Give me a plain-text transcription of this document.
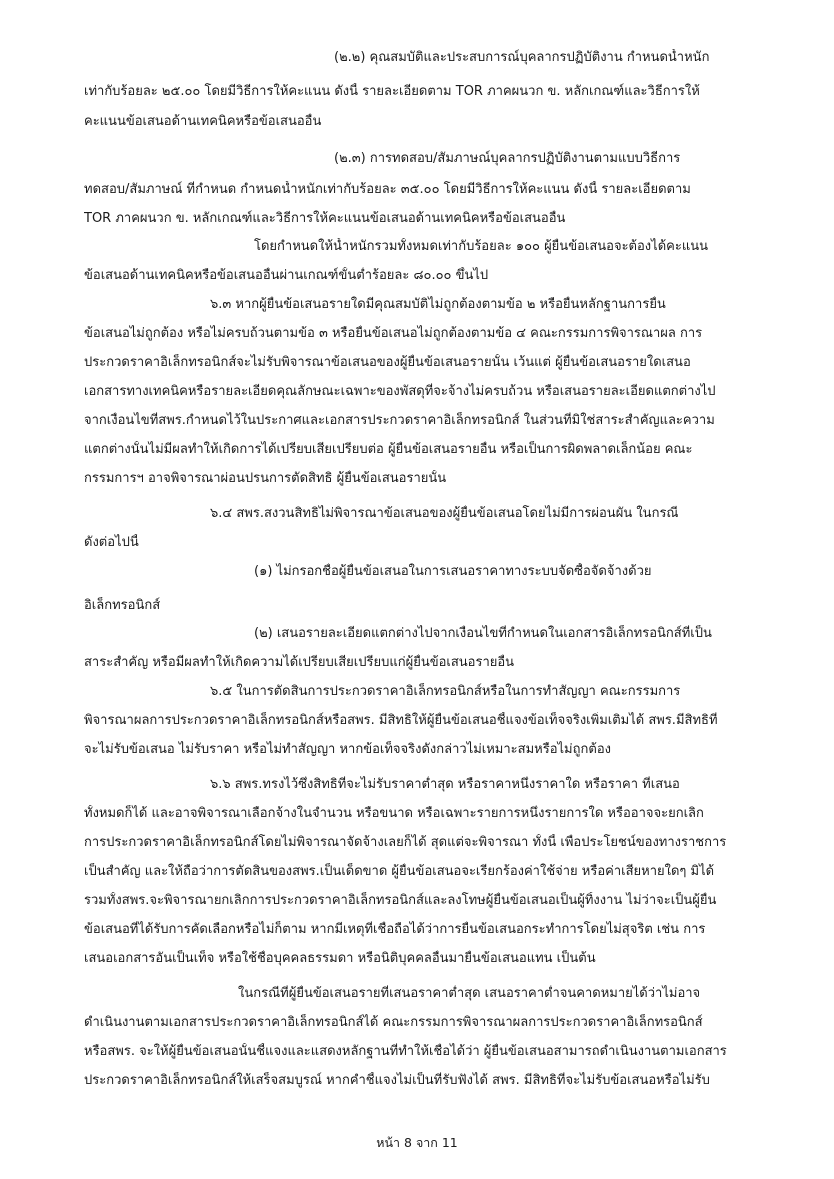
(๒.๒) คุณสมบัติและประสบการณ์บุคลากรปฏิบัติงาน กำหนดน้ำหนัก
เท่ากับร้อยละ ๒๕.๐๐ โดยมีวิธีการให้คะแนน ดังนี้ รายละเอียดตาม TOR ภาคผนวก ข. หลักเกณฑ์และวิธีการให้
คะแนนข้อเสนอด้านเทคนิคหรือข้อเสนออื่น
(๒.๓) การทดสอบ/สัมภาษณ์บุคลากรปฏิบัติงานตามแบบวิธีการ
ทดสอบ/สัมภาษณ์ ที่กำหนด กำหนดน้ำหนักเท่ากับร้อยละ ๓๕.๐๐ โดยมีวิธีการให้คะแนน ดังนี้ รายละเอียดตาม
TOR ภาคผนวก ข. หลักเกณฑ์และวิธีการให้คะแนนข้อเสนอด้านเทคนิคหรือข้อเสนออื่น
โดยกำหนดให้น้ำหนักรวมทั้งหมดเท่ากับร้อยละ ๑๐๐ ผู้ยื่นข้อเสนอจะต้องได้คะแนน
ข้อเสนอด้านเทคนิคหรือข้อเสนออื่นผ่านเกณฑ์ขั้นต่ำร้อยละ ๘๐.๐๐ ขึ้นไป
๖.๓ หากผู้ยื่นข้อเสนอรายใดมีคุณสมบัติไม่ถูกต้องตามข้อ ๒ หรือยื่นหลักฐานการยื่น
ข้อเสนอไม่ถูกต้อง หรือไม่ครบถ้วนตามข้อ ๓ หรือยื่นข้อเสนอไม่ถูกต้องตามข้อ ๔ คณะกรรมการพิจารณาผล การ
ประกวดราคาอิเล็กทรอนิกส์จะไม่รับพิจารณาข้อเสนอของผู้ยื่นข้อเสนอรายนั้น เว้นแต่ ผู้ยื่นข้อเสนอรายใดเสนอ
เอกสารทางเทคนิคหรือรายละเอียดคุณลักษณะเฉพาะของพัสดุที่จะจ้างไม่ครบถ้วน หรือเสนอรายละเอียดแตกต่างไป
จากเงื่อนไขที่สพร.กำหนดไว้ในประกาศและเอกสารประกวดราคาอิเล็กทรอนิกส์ ในส่วนที่มิใช่สาระสำคัญและความ
แตกต่างนั้นไม่มีผลทำให้เกิดการได้เปรียบเสียเปรียบต่อ ผู้ยื่นข้อเสนอรายอื่น หรือเป็นการผิดพลาดเล็กน้อย คณะ
กรรมการฯ อาจพิจารณาผ่อนปรนการตัดสิทธิ ผู้ยื่นข้อเสนอรายนั้น
๖.๔ สพร.สงวนสิทธิไม่พิจารณาข้อเสนอของผู้ยื่นข้อเสนอโดยไม่มีการผ่อนผัน ในกรณี
ดังต่อไปนี้
(๑) ไม่กรอกชื่อผู้ยื่นข้อเสนอในการเสนอราคาทางระบบจัดซื้อจัดจ้างด้วย
อิเล็กทรอนิกส์
(๒) เสนอรายละเอียดแตกต่างไปจากเงื่อนไขที่กำหนดในเอกสารอิเล็กทรอนิกส์ที่เป็น
สาระสำคัญ หรือมีผลทำให้เกิดความได้เปรียบเสียเปรียบแก่ผู้ยื่นข้อเสนอรายอื่น
๖.๕ ในการตัดสินการประกวดราคาอิเล็กทรอนิกส์หรือในการทำสัญญา คณะกรรมการ
พิจารณาผลการประกวดราคาอิเล็กทรอนิกส์หรือสพร. มีสิทธิให้ผู้ยื่นข้อเสนอชี้แจงข้อเท็จจริงเพิ่มเติมได้ สพร.มีสิทธิที่
จะไม่รับข้อเสนอ ไม่รับราคา หรือไม่ทำสัญญา หากข้อเท็จจริงดังกล่าวไม่เหมาะสมหรือไม่ถูกต้อง
๖.๖ สพร.ทรงไว้ซึ่งสิทธิที่จะไม่รับราคาต่ำสุด หรือราคาหนึ่งราคาใด หรือราคา ที่เสนอ
ทั้งหมดก็ได้ และอาจพิจารณาเลือกจ้างในจำนวน หรือขนาด หรือเฉพาะรายการหนึ่งรายการใด หรืออาจจะยกเลิก
การประกวดราคาอิเล็กทรอนิกส์โดยไม่พิจารณาจัดจ้างเลยก็ได้ สุดแต่จะพิจารณา ทั้งนี้ เพื่อประโยชน์ของทางราชการ
เป็นสำคัญ และให้ถือว่าการตัดสินของสพร.เป็นเด็ดขาด ผู้ยื่นข้อเสนอจะเรียกร้องค่าใช้จ่าย หรือค่าเสียหายใดๆ มิได้
รวมทั้งสพร.จะพิจารณายกเลิกการประกวดราคาอิเล็กทรอนิกส์และลงโทษผู้ยื่นข้อเสนอเป็นผู้ทิ้งงาน ไม่ว่าจะเป็นผู้ยื่น
ข้อเสนอที่ได้รับการคัดเลือกหรือไม่ก็ตาม หากมีเหตุที่เชื่อถือได้ว่าการยื่นข้อเสนอกระทำการโดยไม่สุจริต เช่น การ
เสนอเอกสารอันเป็นเท็จ หรือใช้ชื่อบุคคลธรรมดา หรือนิติบุคคลอื่นมายื่นข้อเสนอแทน เป็นต้น
ในกรณีที่ผู้ยื่นข้อเสนอรายที่เสนอราคาต่ำสุด เสนอราคาต่ำจนคาดหมายได้ว่าไม่อาจ
ดำเนินงานตามเอกสารประกวดราคาอิเล็กทรอนิกส์ได้ คณะกรรมการพิจารณาผลการประกวดราคาอิเล็กทรอนิกส์
หรือสพร. จะให้ผู้ยื่นข้อเสนอนั้นชี้แจงและแสดงหลักฐานที่ทำให้เชื่อได้ว่า ผู้ยื่นข้อเสนอสามารถดำเนินงานตามเอกสาร
ประกวดราคาอิเล็กทรอนิกส์ให้เสร็จสมบูรณ์ หากคำชี้แจงไม่เป็นที่รับฟังได้ สพร. มีสิทธิที่จะไม่รับข้อเสนอหรือไม่รับ
หน้า 8 จาก 11
